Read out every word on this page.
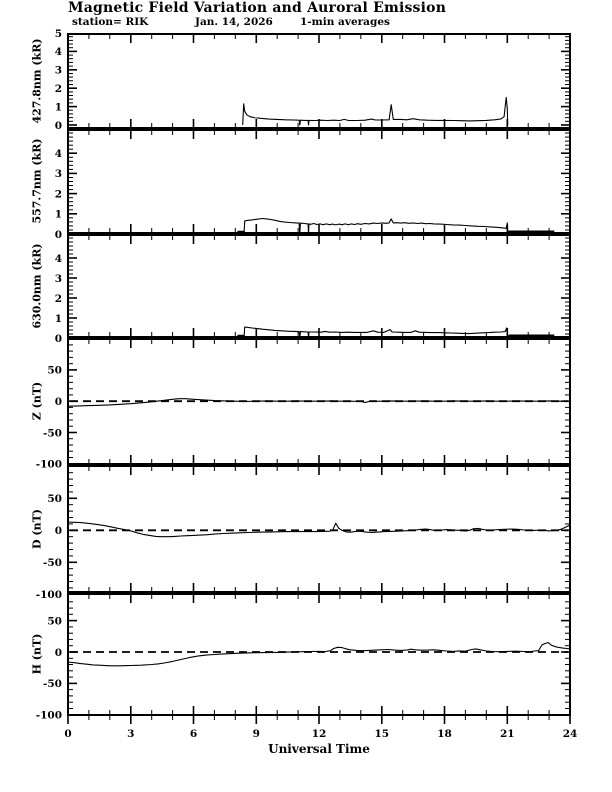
Magnetic Field Variation and Auroral Emission
station= RIK	Jan. 14, 2026	1-min averages
427.8nm (kR)
557.7nm (kR)
630.0nm (kR)
Z (nT)
D (nT)
H (nT)
0
1
2
3
4
5
0
1
2
3
4
0
1
2
3
4
-100
-50
0
50
-100
-50
0
50
0	3	6	9	12	15	18	21	24
Universal Time
-100
-50
0
50
